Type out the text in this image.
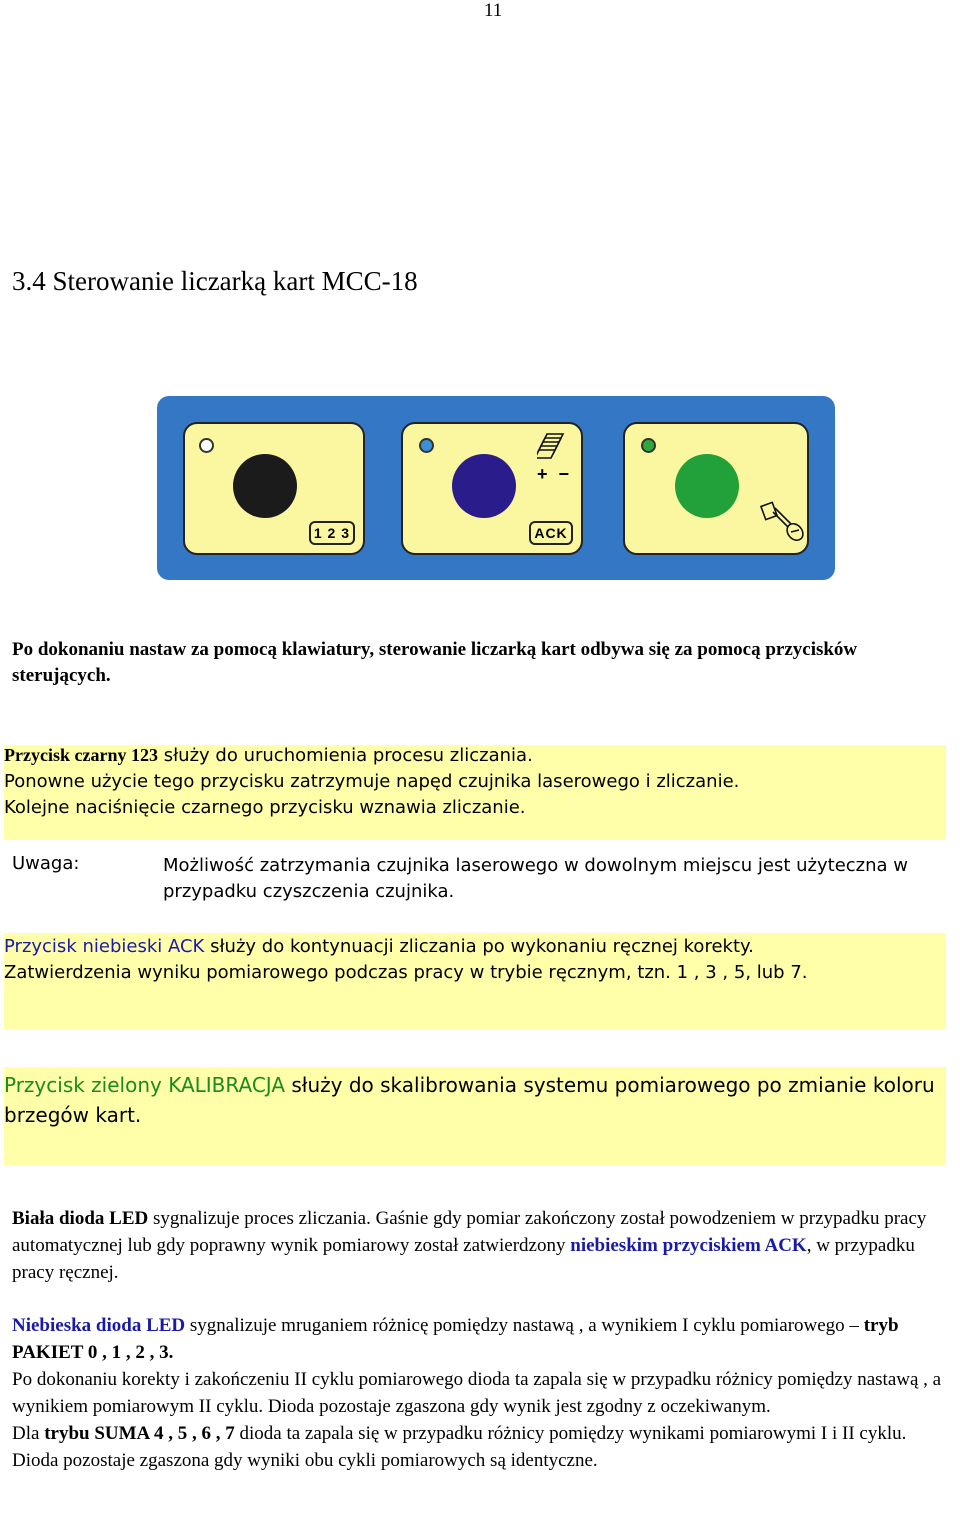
11
3.4 Sterowanie liczarką kart MCC-18
1 2 3
+ −
ACK

Po dokonaniu nastaw za pomocą klawiatury, sterowanie liczarką kart odbywa się za pomocą przycisków sterujących.

Przycisk czarny 123 służy do uruchomienia procesu zliczania.
Ponowne użycie tego przycisku zatrzymuje napęd czujnika laserowego i zliczanie.
Kolejne naciśnięcie czarnego przycisku wznawia zliczanie.
Uwaga:	Możliwość zatrzymania czujnika laserowego w dowolnym miejscu jest użyteczna w przypadku czyszczenia czujnika.
Przycisk niebieski ACK służy do kontynuacji zliczania po wykonaniu ręcznej korekty.
Zatwierdzenia wyniku pomiarowego podczas pracy w trybie ręcznym, tzn. 1 , 3 , 5, lub 7.
Przycisk zielony KALIBRACJA służy do skalibrowania systemu pomiarowego po zmianie koloru brzegów kart.

Biała dioda LED sygnalizuje proces zliczania. Gaśnie gdy pomiar zakończony został powodzeniem w przypadku pracy automatycznej lub gdy poprawny wynik pomiarowy został zatwierdzony niebieskim przyciskiem ACK, w przypadku pracy ręcznej.

Niebieska dioda LED sygnalizuje mruganiem różnicę pomiędzy nastawą , a wynikiem I cyklu pomiarowego – tryb PAKIET 0 , 1 , 2 , 3.
Po dokonaniu korekty i zakończeniu II cyklu pomiarowego dioda ta zapala się w przypadku różnicy pomiędzy nastawą , a wynikiem pomiarowym II cyklu. Dioda pozostaje zgaszona gdy wynik jest zgodny z oczekiwanym.
Dla trybu SUMA 4 , 5 , 6 , 7 dioda ta zapala się w przypadku różnicy pomiędzy wynikami pomiarowymi I i II cyklu. Dioda pozostaje zgaszona gdy wyniki obu cykli pomiarowych są identyczne.
